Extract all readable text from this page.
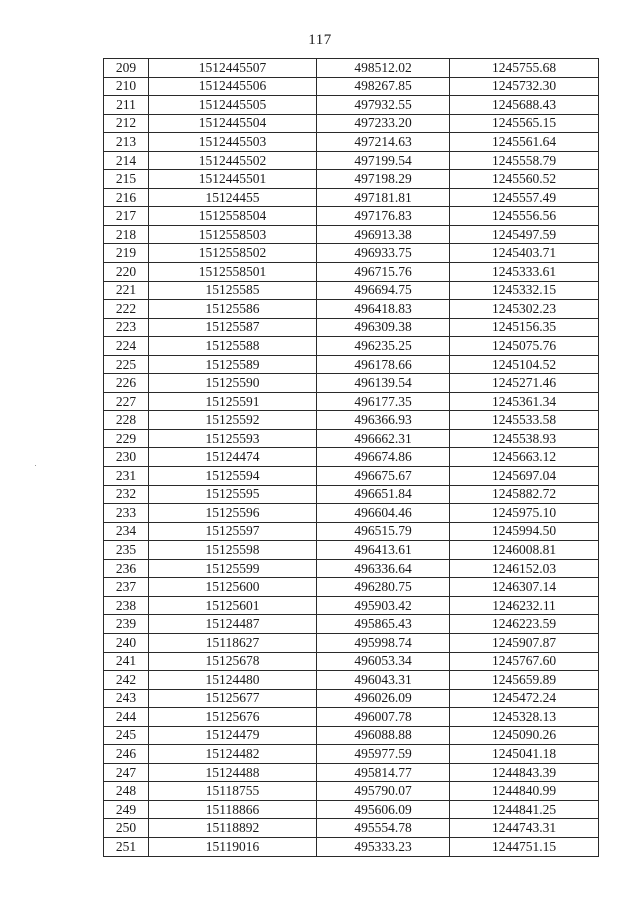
117
209	1512445507	498512.02	1245755.68
210	1512445506	498267.85	1245732.30
211	1512445505	497932.55	1245688.43
212	1512445504	497233.20	1245565.15
213	1512445503	497214.63	1245561.64
214	1512445502	497199.54	1245558.79
215	1512445501	497198.29	1245560.52
216	15124455	497181.81	1245557.49
217	1512558504	497176.83	1245556.56
218	1512558503	496913.38	1245497.59
219	1512558502	496933.75	1245403.71
220	1512558501	496715.76	1245333.61
221	15125585	496694.75	1245332.15
222	15125586	496418.83	1245302.23
223	15125587	496309.38	1245156.35
224	15125588	496235.25	1245075.76
225	15125589	496178.66	1245104.52
226	15125590	496139.54	1245271.46
227	15125591	496177.35	1245361.34
228	15125592	496366.93	1245533.58
229	15125593	496662.31	1245538.93
230	15124474	496674.86	1245663.12
231	15125594	496675.67	1245697.04
232	15125595	496651.84	1245882.72
233	15125596	496604.46	1245975.10
234	15125597	496515.79	1245994.50
235	15125598	496413.61	1246008.81
236	15125599	496336.64	1246152.03
237	15125600	496280.75	1246307.14
238	15125601	495903.42	1246232.11
239	15124487	495865.43	1246223.59
240	15118627	495998.74	1245907.87
241	15125678	496053.34	1245767.60
242	15124480	496043.31	1245659.89
243	15125677	496026.09	1245472.24
244	15125676	496007.78	1245328.13
245	15124479	496088.88	1245090.26
246	15124482	495977.59	1245041.18
247	15124488	495814.77	1244843.39
248	15118755	495790.07	1244840.99
249	15118866	495606.09	1244841.25
250	15118892	495554.78	1244743.31
251	15119016	495333.23	1244751.15
